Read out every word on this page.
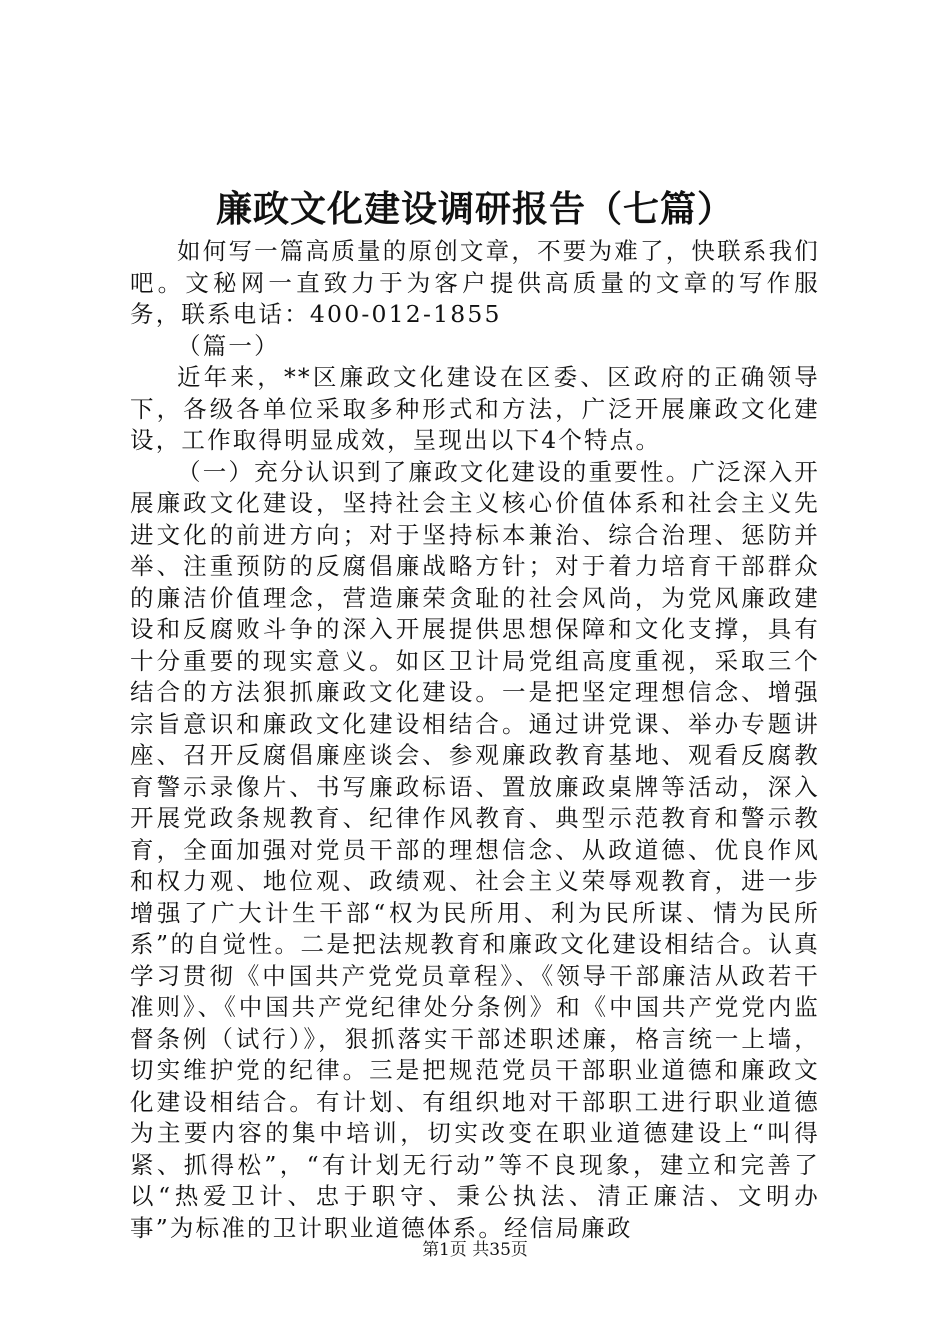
廉政文化建设调研报告（七篇）

如何写一篇高质量的原创文章，不要为难了，快联系我们吧。文秘网一直致力于为客户提供高质量的文章的写作服务，联系电话：400-012-1855

（篇一）

近年来，**区廉政文化建设在区委、区政府的正确领导下，各级各单位采取多种形式和方法，广泛开展廉政文化建设，工作取得明显成效，呈现出以下4个特点。

（一）充分认识到了廉政文化建设的重要性。广泛深入开展廉政文化建设，坚持社会主义核心价值体系和社会主义先进文化的前进方向；对于坚持标本兼治、综合治理、惩防并举、注重预防的反腐倡廉战略方针；对于着力培育干部群众的廉洁价值理念，营造廉荣贪耻的社会风尚，为党风廉政建设和反腐败斗争的深入开展提供思想保障和文化支撑，具有十分重要的现实意义。如区卫计局党组高度重视，采取三个结合的方法狠抓廉政文化建设。一是把坚定理想信念、增强宗旨意识和廉政文化建设相结合。通过讲党课、举办专题讲座、召开反腐倡廉座谈会、参观廉政教育基地、观看反腐教育警示录像片、书写廉政标语、置放廉政桌牌等活动，深入开展党政条规教育、纪律作风教育、典型示范教育和警示教育，全面加强对党员干部的理想信念、从政道德、优良作风和权力观、地位观、政绩观、社会主义荣辱观教育，进一步增强了广大计生干部“权为民所用、利为民所谋、情为民所系”的自觉性。二是把法规教育和廉政文化建设相结合。认真学习贯彻《中国共产党党员章程》、《领导干部廉洁从政若干准则》、《中国共产党纪律处分条例》和《中国共产党党内监督条例（试行）》，狠抓落实干部述职述廉，格言统一上墙，切实维护党的纪律。三是把规范党员干部职业道德和廉政文化建设相结合。有计划、有组织地对干部职工进行职业道德为主要内容的集中培训，切实改变在职业道德建设上“叫得紧、抓得松”，“有计划无行动”等不良现象，建立和完善了以“热爱卫计、忠于职守、秉公执法、清正廉洁、文明办事”为标准的卫计职业道德体系。经信局廉政

第1页 共35页
